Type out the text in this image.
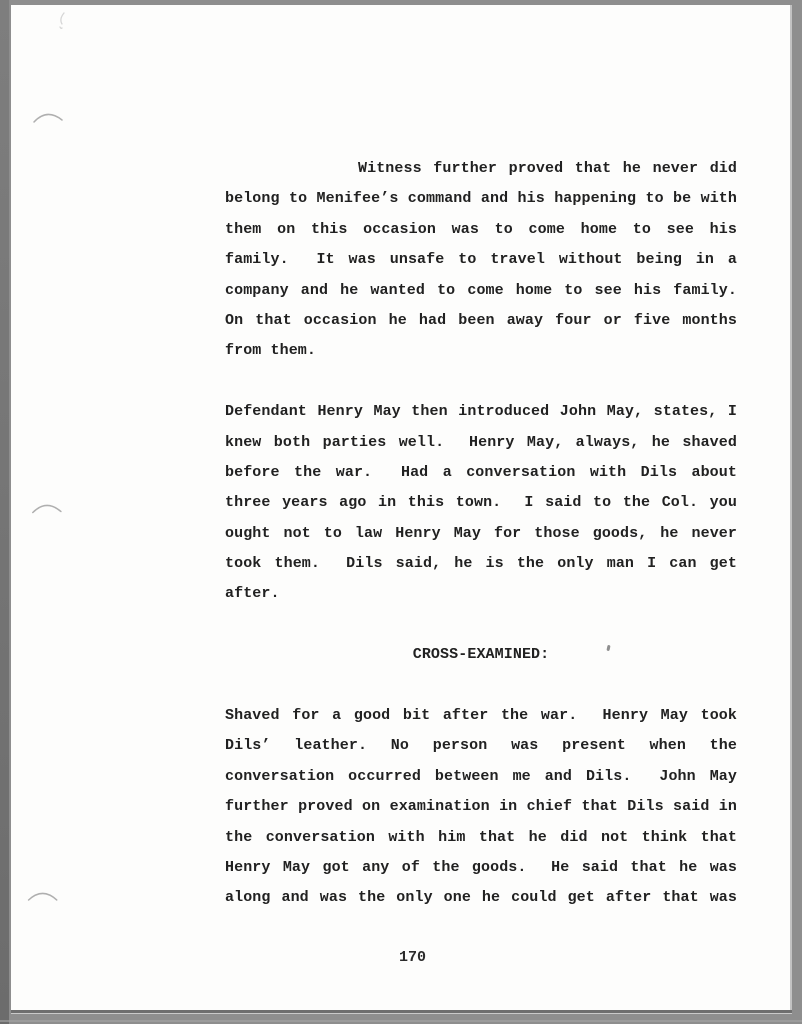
Witness further proved that he never did
belong to Menifee’s command and his happening to be with
them on this occasion was to come home to see his
family.  It was unsafe to travel without being in a
company and he wanted to come home to see his family.
On that occasion he had been away four or five months
from them.
Defendant Henry May then introduced John May, states, I
knew both parties well.  Henry May, always, he shaved
before the war.  Had a conversation with Dils about
three years ago in this town.  I said to the Col. you
ought not to law Henry May for those goods, he never
took them.  Dils said, he is the only man I can get
after.
CROSS-EXAMINED:
Shaved for a good bit after the war.  Henry May took
Dils’ leather. No person was present when the
conversation occurred between me and Dils.  John May
further proved on examination in chief that Dils said in
the conversation with him that he did not think that
Henry May got any of the goods.  He said that he was
along and was the only one he could get after that was
170
